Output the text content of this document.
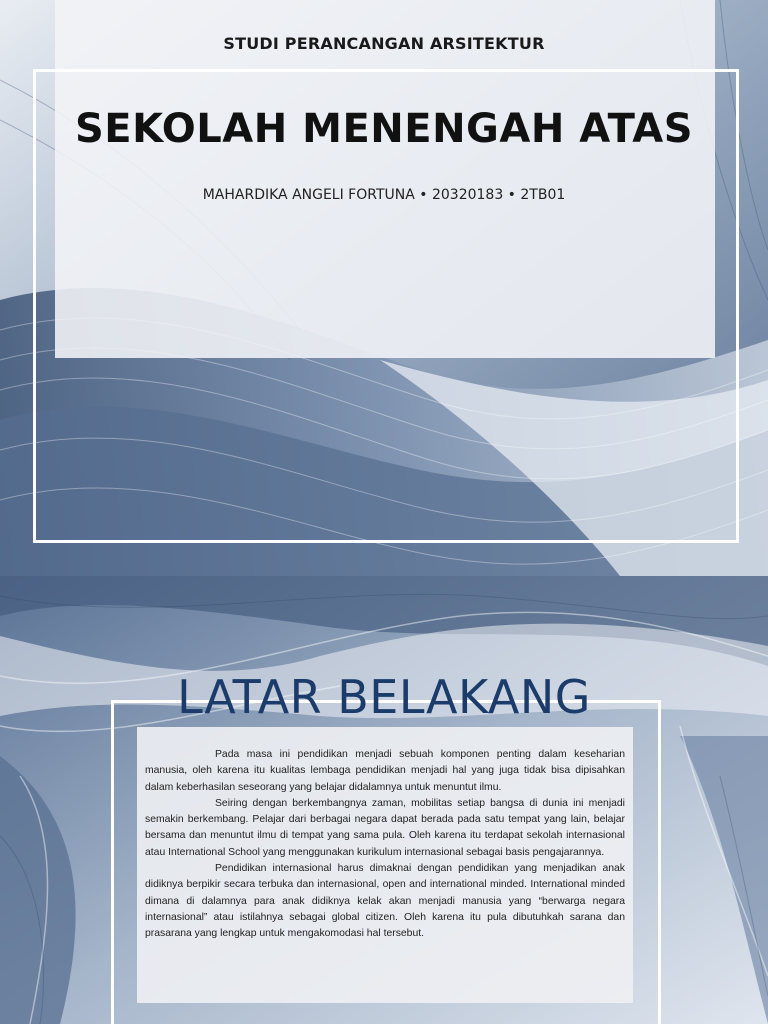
STUDI PERANCANGAN ARSITEKTUR
SEKOLAH MENENGAH ATAS
MAHARDIKA ANGELI FORTUNA • 20320183 • 2TB01
LATAR BELAKANG

Pada masa ini pendidikan menjadi sebuah komponen penting dalam keseharian manusia, oleh karena itu kualitas lembaga pendidikan menjadi hal yang juga tidak bisa dipisahkan dalam keberhasilan seseorang yang belajar didalamnya untuk menuntut ilmu.

Seiring dengan berkembangnya zaman, mobilitas setiap bangsa di dunia ini menjadi semakin berkembang. Pelajar dari berbagai negara dapat berada pada satu tempat yang lain, belajar bersama dan menuntut ilmu di tempat yang sama pula. Oleh karena itu terdapat sekolah internasional atau International School yang menggunakan kurikulum internasional sebagai basis pengajarannya.

Pendidikan internasional harus dimaknai dengan pendidikan yang menjadikan anak didiknya berpikir secara terbuka dan internasional, open and international minded. International minded dimana di dalamnya para anak didiknya kelak akan menjadi manusia yang “berwarga negara internasional” atau istilahnya sebagai global citizen. Oleh karena itu pula dibutuhkah sarana dan prasarana yang lengkap untuk mengakomodasi hal tersebut.
